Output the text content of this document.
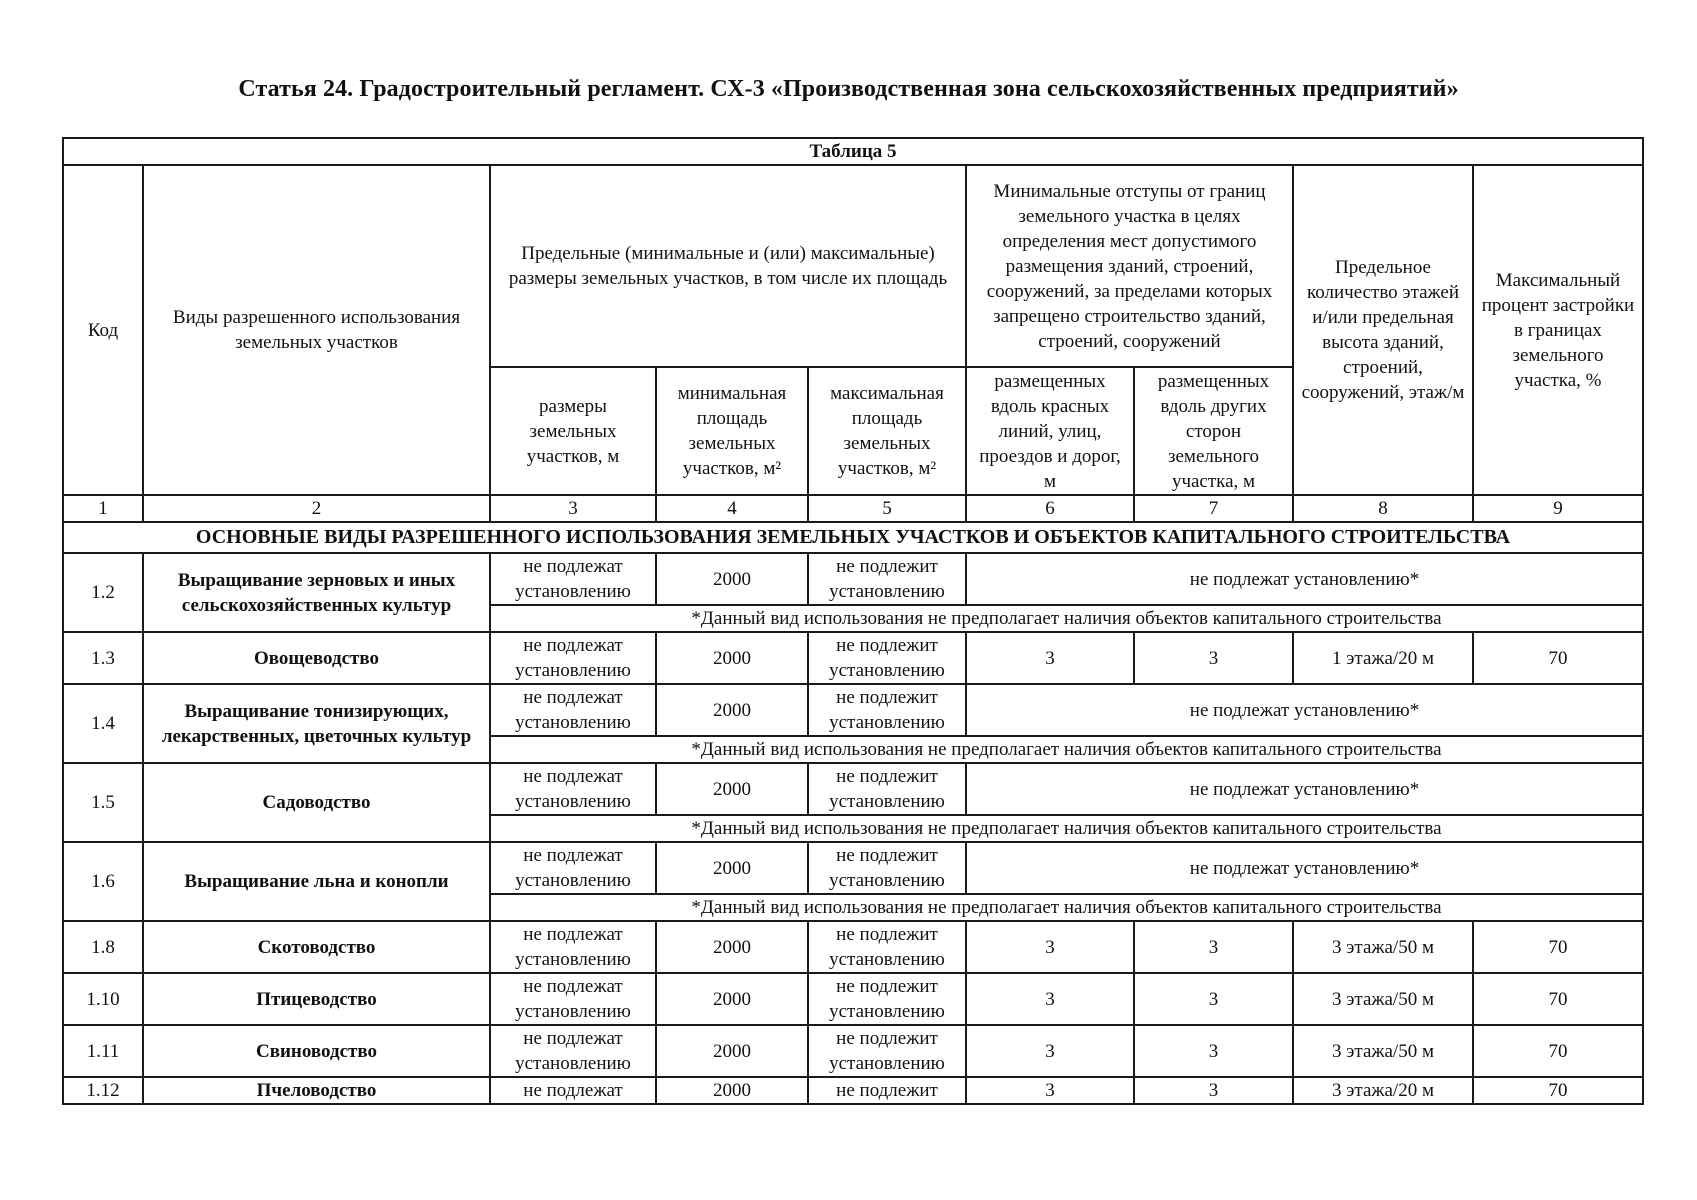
Статья 24. Градостроительный регламент. СХ-3 «Производственная зона сельскохозяйственных предприятий»
Таблица 5								
Код	Виды разрешенного использования земельных участков	Предельные (минимальные и (или) максимальные) размеры земельных участков, в том числе их площадь			Минимальные отступы от границ земельного участка в целях определения мест допустимого размещения зданий, строений, сооружений, за пределами которых запрещено строительство зданий, строений, сооружений		Предельное количество этажей и/или предельная высота зданий, строений, сооружений, этаж/м	Максимальный процент застройки в границах земельного участка, %
		размеры земельных участков, м	минимальная площадь земельных участков, м²	максимальная площадь земельных участков, м²	размещенных вдоль красных линий, улиц, проездов и дорог, м	размещенных вдоль других сторон земельного участка, м		
1	2	3	4	5	6	7	8	9
ОСНОВНЫЕ ВИДЫ РАЗРЕШЕННОГО ИСПОЛЬЗОВАНИЯ ЗЕМЕЛЬНЫХ УЧАСТКОВ И ОБЪЕКТОВ КАПИТАЛЬНОГО СТРОИТЕЛЬСТВА								
1.2	Выращивание зерновых и иных сельскохозяйственных культур	не подлежат установлению	2000	не подлежит установлению	не подлежат установлению*			
		*Данный вид использования не предполагает наличия объектов капитального строительства						
1.3	Овощеводство	не подлежат установлению	2000	не подлежит установлению	3	3	1 этажа/20 м	70
1.4	Выращивание тонизирующих, лекарственных, цветочных культур	не подлежат установлению	2000	не подлежит установлению	не подлежат установлению*			
		*Данный вид использования не предполагает наличия объектов капитального строительства						
1.5	Садоводство	не подлежат установлению	2000	не подлежит установлению	не подлежат установлению*			
		*Данный вид использования не предполагает наличия объектов капитального строительства						
1.6	Выращивание льна и конопли	не подлежат установлению	2000	не подлежит установлению	не подлежат установлению*			
		*Данный вид использования не предполагает наличия объектов капитального строительства						
1.8	Скотоводство	не подлежат установлению	2000	не подлежит установлению	3	3	3 этажа/50 м	70
1.10	Птицеводство	не подлежат установлению	2000	не подлежит установлению	3	3	3 этажа/50 м	70
1.11	Свиноводство	не подлежат установлению	2000	не подлежит установлению	3	3	3 этажа/50 м	70
1.12	Пчеловодство	не подлежат	2000	не подлежит	3	3	3 этажа/20 м	70
